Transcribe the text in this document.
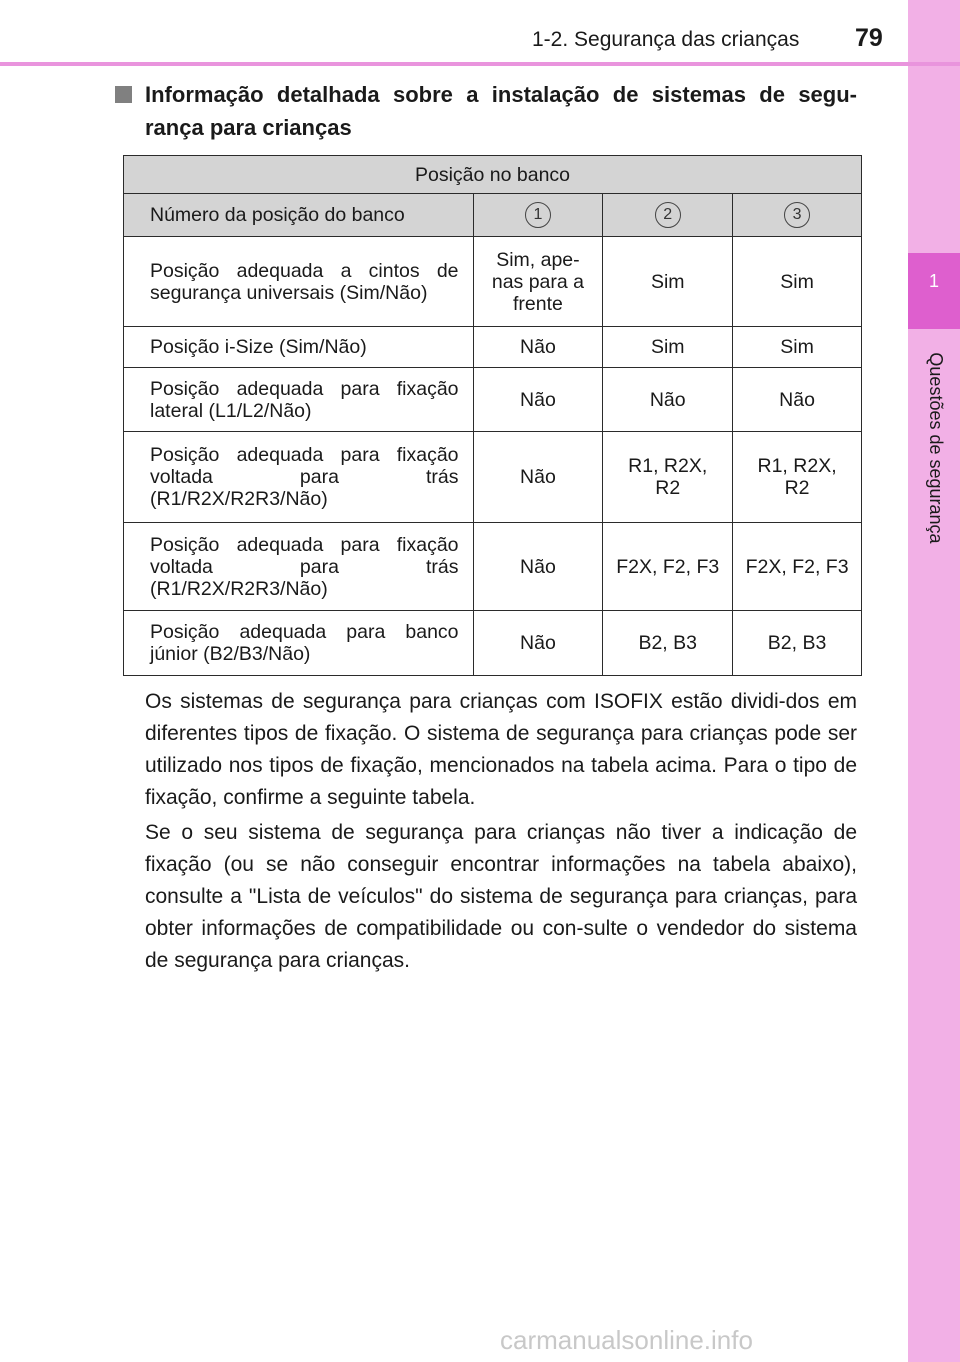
1
Questões de segurança
1-2. Segurança das crianças 79
Informação detalhada sobre a instalação de sistemas de segu-rança para crianças
Posição no banco			
Número da posição do banco	1	2	3
Posição adequada a cintos de segurança universais (Sim/Não)	Sim, ape-nas para a frente	Sim	Sim
Posição i-Size (Sim/Não)	Não	Sim	Sim
Posição adequada para fixação lateral (L1/L2/Não)	Não	Não	Não
Posição adequada para fixação voltada para trás (R1/R2X/R2R3/Não)	Não	R1, R2X, R2	R1, R2X, R2
Posição adequada para fixação voltada para trás (R1/R2X/R2R3/Não)	Não	F2X, F2, F3	F2X, F2, F3
Posição adequada para banco júnior (B2/B3/Não)	Não	B2, B3	B2, B3
Os sistemas de segurança para crianças com ISOFIX estão dividi-dos em diferentes tipos de fixação. O sistema de segurança para crianças pode ser utilizado nos tipos de fixação, mencionados na tabela acima. Para o tipo de fixação, confirme a seguinte tabela.
Se o seu sistema de segurança para crianças não tiver a indicação de fixação (ou se não conseguir encontrar informações na tabela abaixo), consulte a "Lista de veículos" do sistema de segurança para crianças, para obter informações de compatibilidade ou con-sulte o vendedor do sistema de segurança para crianças.
carmanualsonline.info
